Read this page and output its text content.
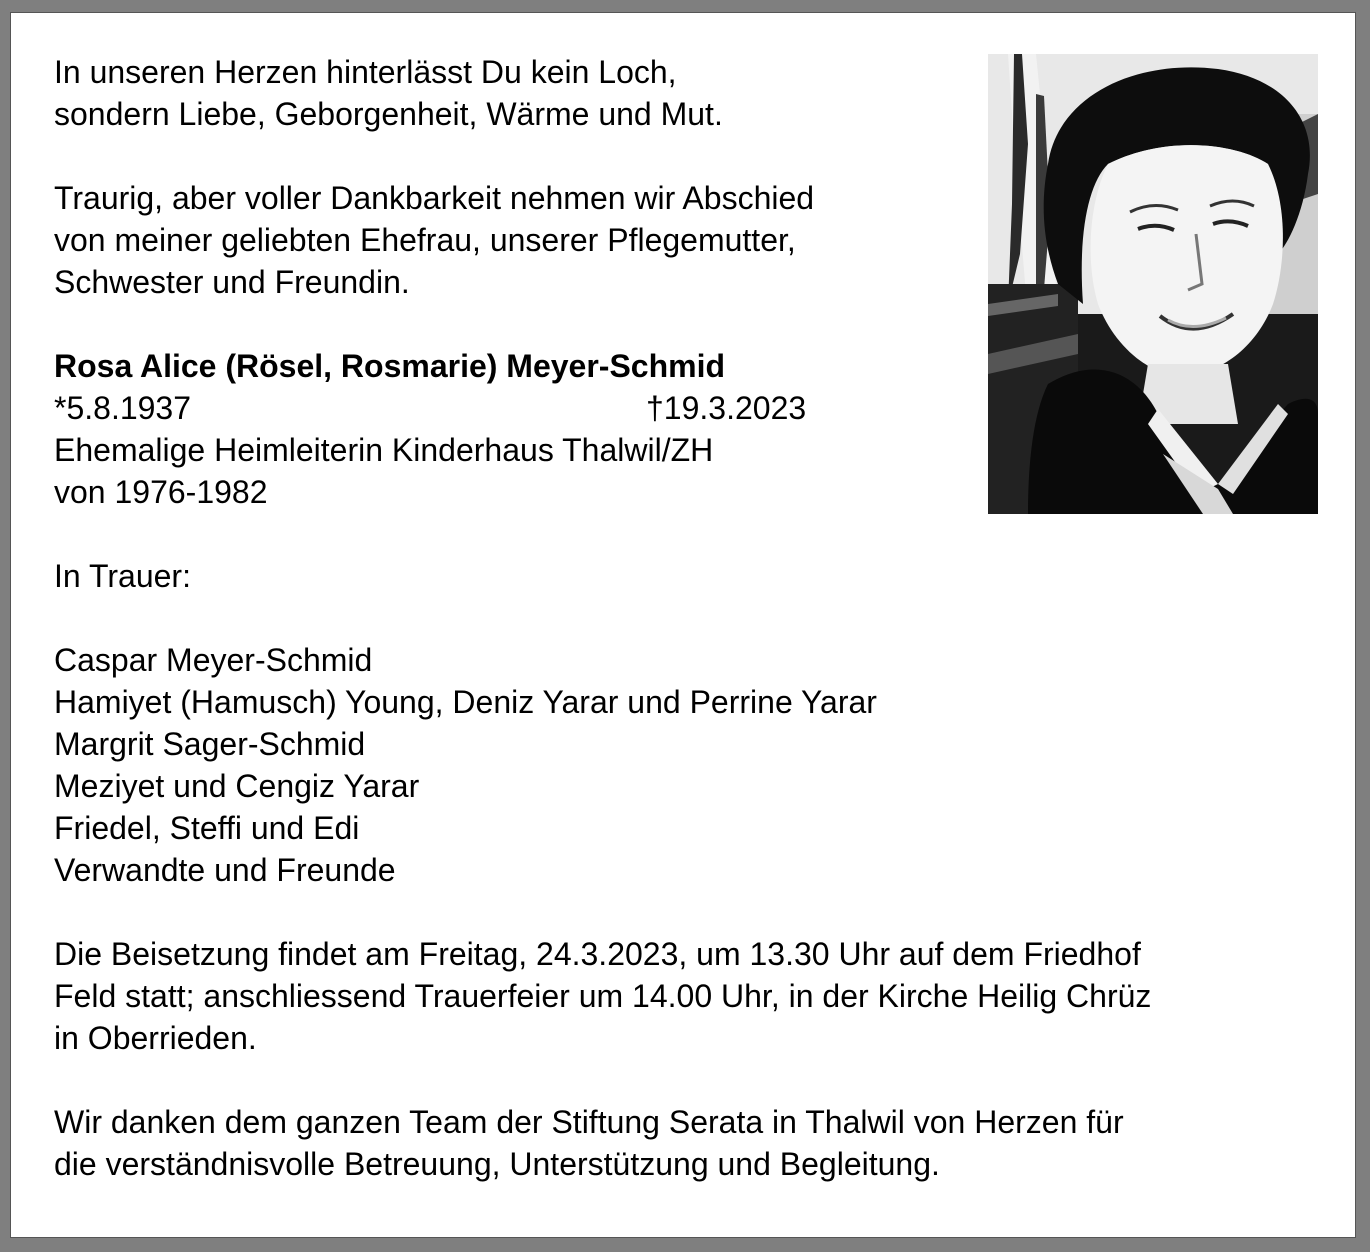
In unseren Herzen hinterlässt Du kein Loch,
sondern Liebe, Geborgenheit, Wärme und Mut.

Traurig, aber voller Dankbarkeit nehmen wir Abschied
von meiner geliebten Ehefrau, unserer Pflegemutter,
Schwester und Freundin.

Rosa Alice (Rösel, Rosmarie) Meyer-Schmid
*5.8.1937	†19.3.2023
Ehemalige Heimleiterin Kinderhaus Thalwil/ZH
von 1976-1982

In Trauer:

Caspar Meyer-Schmid
Hamiyet (Hamusch) Young, Deniz Yarar und Perrine Yarar
Margrit Sager-Schmid
Meziyet und Cengiz Yarar
Friedel, Steffi und Edi
Verwandte und Freunde

Die Beisetzung findet am Freitag, 24.3.2023, um 13.30 Uhr auf dem Friedhof
Feld statt; anschliessend Trauerfeier um 14.00 Uhr, in der Kirche Heilig Chrüz
in Oberrieden.

Wir danken dem ganzen Team der Stiftung Serata in Thalwil von Herzen für
die verständnisvolle Betreuung, Unterstützung und Begleitung.
